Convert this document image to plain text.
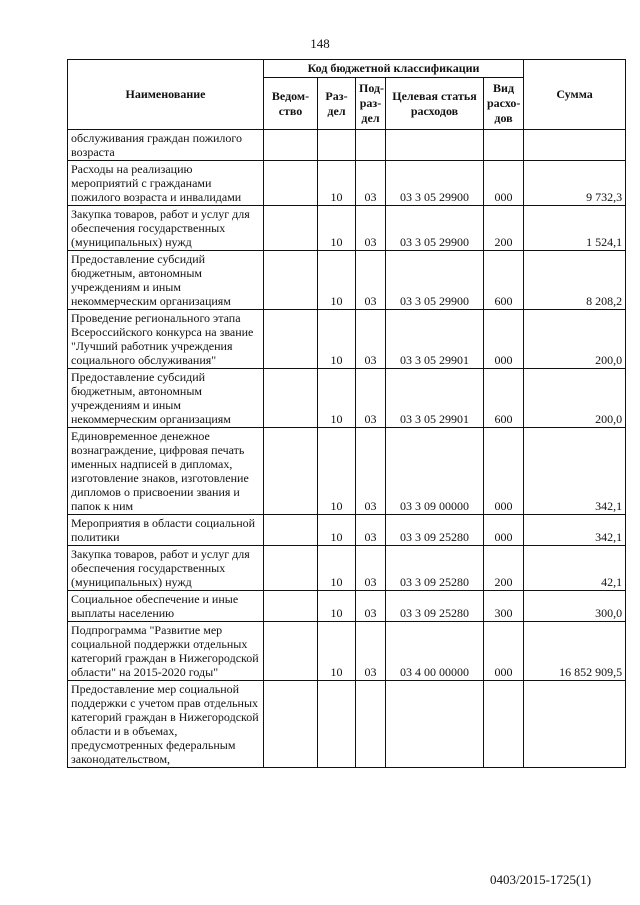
148
Наименование	Код бюджетной классификации					Сумма
	Ведом-ство	Раз-дел	Под-раз-дел	Целевая статья расходов	Вид расхо-дов	
обслуживания граждан пожилого возраста						
Расходы на реализацию мероприятий с гражданами пожилого возраста и инвалидами		10	03	03 3 05 29900	000	9 732,3
Закупка товаров, работ и услуг для обеспечения государственных (муниципальных) нужд		10	03	03 3 05 29900	200	1 524,1
Предоставление субсидий бюджетным, автономным учреждениям и иным некоммерческим организациям		10	03	03 3 05 29900	600	8 208,2
Проведение регионального этапа Всероссийского конкурса на звание "Лучший работник учреждения социального обслуживания"		10	03	03 3 05 29901	000	200,0
Предоставление субсидий бюджетным, автономным учреждениям и иным некоммерческим организациям		10	03	03 3 05 29901	600	200,0
Единовременное денежное вознаграждение, цифровая печать именных надписей в дипломах, изготовление знаков, изготовление дипломов о присвоении звания и папок к ним		10	03	03 3 09 00000	000	342,1
Мероприятия в области социальной политики		10	03	03 3 09 25280	000	342,1
Закупка товаров, работ и услуг для обеспечения государственных (муниципальных) нужд		10	03	03 3 09 25280	200	42,1
Социальное обеспечение и иные выплаты населению		10	03	03 3 09 25280	300	300,0
Подпрограмма "Развитие мер социальной поддержки отдельных категорий граждан в Нижегородской области" на 2015-2020 годы"		10	03	03 4 00 00000	000	16 852 909,5
Предоставление мер социальной поддержки с учетом прав отдельных категорий граждан в Нижегородской области и в объемах, предусмотренных федеральным законодательством,						
0403/2015-1725(1)
